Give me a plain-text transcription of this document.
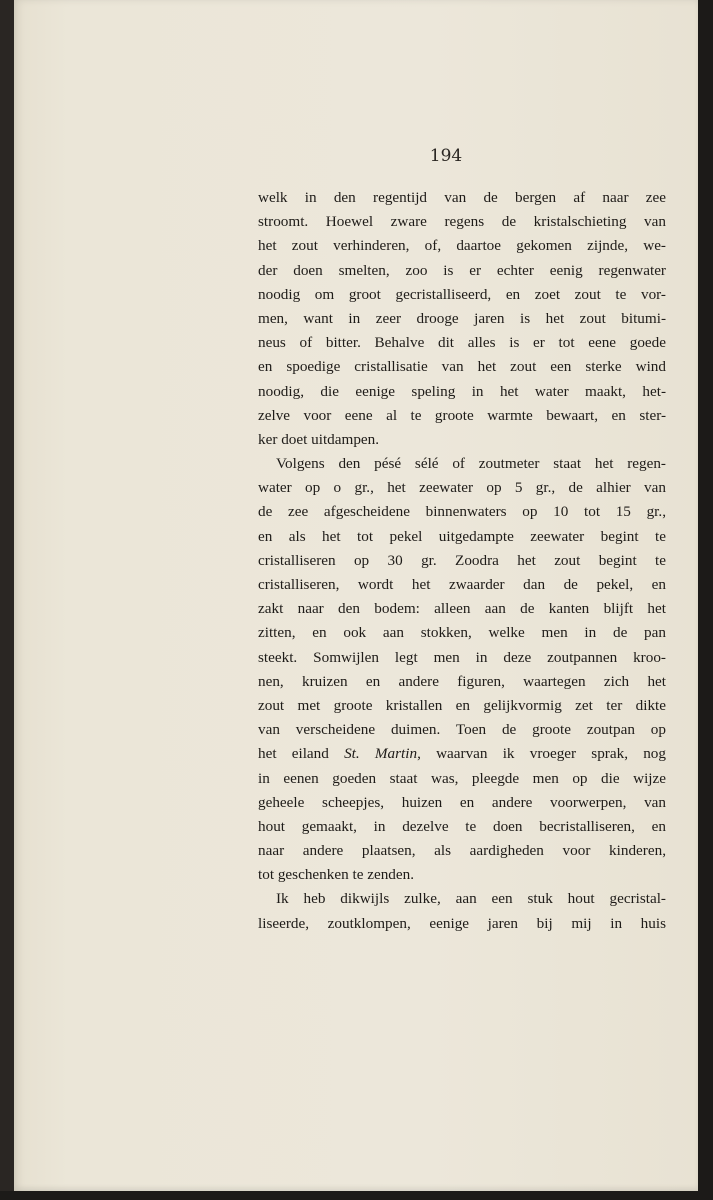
194
welk in den regentijd van de bergen af naar zee
stroomt. Hoewel zware regens de kristalschieting van
het zout verhinderen, of, daartoe gekomen zijnde, we-
der doen smelten, zoo is er echter eenig regenwater
noodig om groot gecristalliseerd, en zoet zout te vor-
men, want in zeer drooge jaren is het zout bitumi-
neus of bitter. Behalve dit alles is er tot eene goede
en spoedige cristallisatie van het zout een sterke wind
noodig, die eenige speling in het water maakt, het-
zelve voor eene al te groote warmte bewaart, en ster-
ker doet uitdampen.
Volgens den pésé sélé of zoutmeter staat het regen-
water op o gr., het zeewater op 5 gr., de alhier van
de zee afgescheidene binnenwaters op 10 tot 15 gr.,
en als het tot pekel uitgedampte zeewater begint te
cristalliseren op 30 gr. Zoodra het zout begint te
cristalliseren, wordt het zwaarder dan de pekel, en
zakt naar den bodem: alleen aan de kanten blijft het
zitten, en ook aan stokken, welke men in de pan
steekt. Somwijlen legt men in deze zoutpannen kroo-
nen, kruizen en andere figuren, waartegen zich het
zout met groote kristallen en gelijkvormig zet ter dikte
van verscheidene duimen. Toen de groote zoutpan op
het eiland St. Martin, waarvan ik vroeger sprak, nog
in eenen goeden staat was, pleegde men op die wijze
geheele scheepjes, huizen en andere voorwerpen, van
hout gemaakt, in dezelve te doen becristalliseren, en
naar andere plaatsen, als aardigheden voor kinderen,
tot geschenken te zenden.
Ik heb dikwijls zulke, aan een stuk hout gecristal-
liseerde, zoutklompen, eenige jaren bij mij in huis
